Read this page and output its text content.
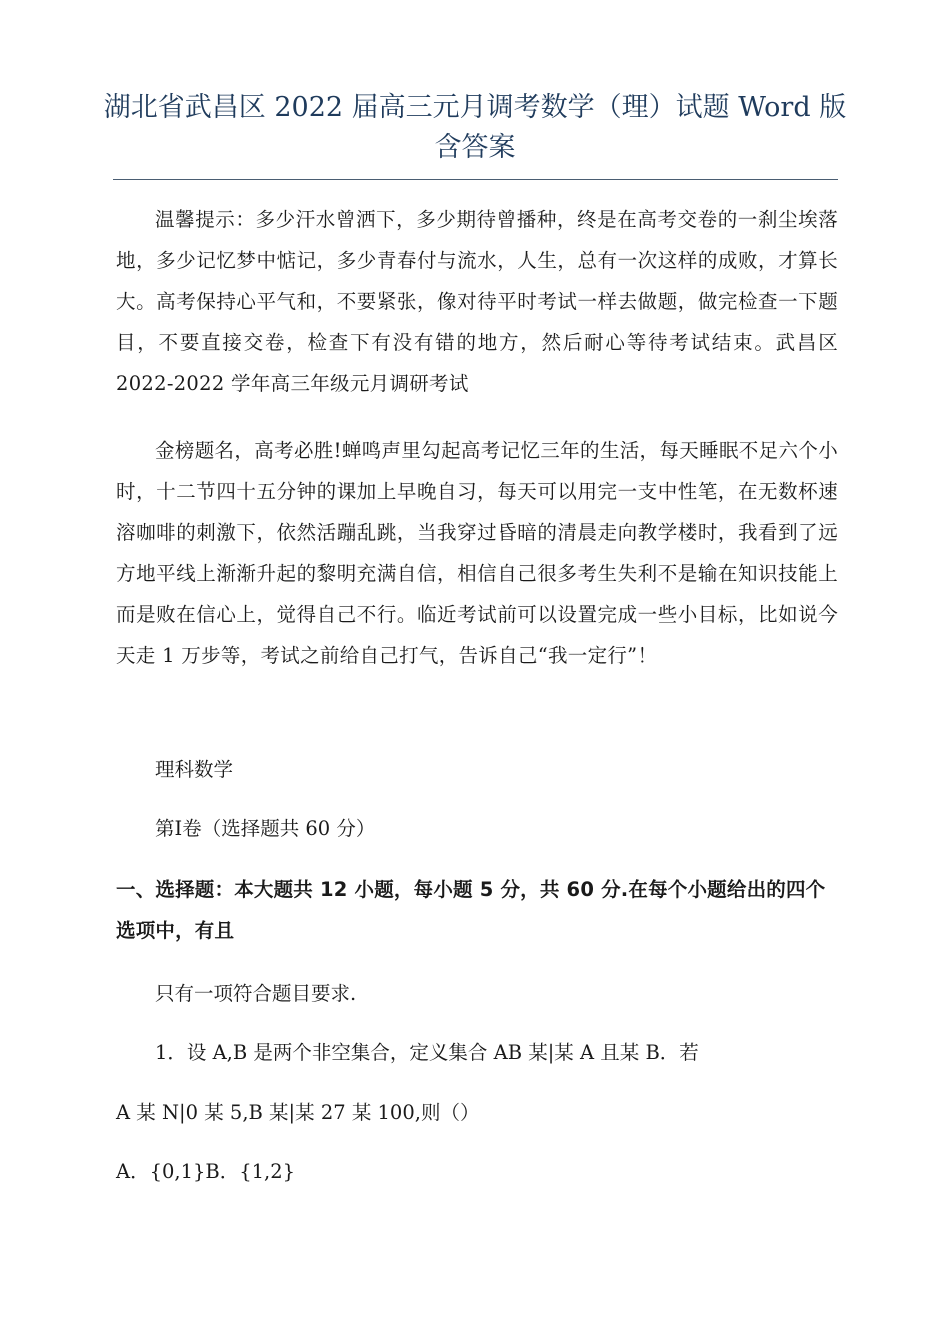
湖北省武昌区 2022 届高三元月调考数学（理）试题 Word 版含答案

温馨提示：多少汗水曾洒下，多少期待曾播种，终是在高考交卷的一刹尘埃落地，多少记忆梦中惦记，多少青春付与流水，人生，总有一次这样的成败，才算长大。高考保持心平气和，不要紧张，像对待平时考试一样去做题，做完检查一下题目，不要直接交卷，检查下有没有错的地方，然后耐心等待考试结束。武昌区 2022-2022 学年高三年级元月调研考试

金榜题名，高考必胜!蝉鸣声里勾起高考记忆三年的生活，每天睡眠不足六个小时，十二节四十五分钟的课加上早晚自习，每天可以用完一支中性笔，在无数杯速溶咖啡的刺激下，依然活蹦乱跳，当我穿过昏暗的清晨走向教学楼时，我看到了远方地平线上渐渐升起的黎明充满自信，相信自己很多考生失利不是输在知识技能上而是败在信心上，觉得自己不行。临近考试前可以设置完成一些小目标，比如说今天走 1 万步等，考试之前给自己打气，告诉自己“我一定行”！

理科数学
第Ⅰ卷（选择题共 60 分）
一、选择题：本大题共 12 小题，每小题 5 分，共 60 分.在每个小题给出的四个选项中，有且
只有一项符合题目要求.
1．设 A,B 是两个非空集合，定义集合 AB 某|某 A 且某 B．若
A 某 N|0 某 5,B 某|某 27 某 100,则（）
A．{0,1}B．{1,2}
